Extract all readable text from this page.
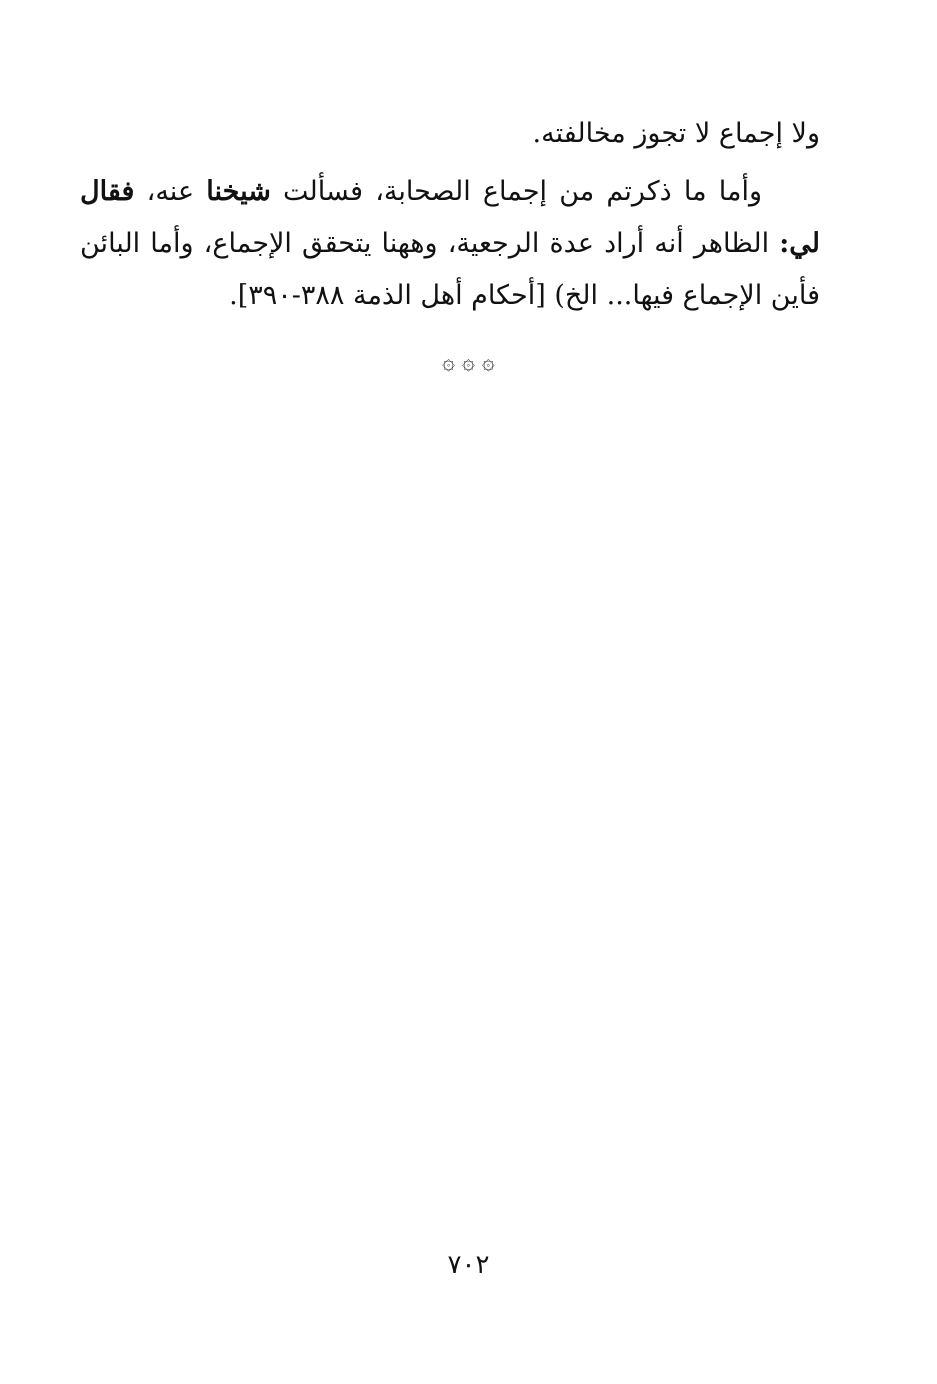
ولا إجماع لا تجوز مخالفته.

وأما ما ذكرتم من إجماع الصحابة، فسألت شيخنا عنه، فقال لي: الظاهر أنه أراد عدة الرجعية، وههنا يتحقق الإجماع، وأما البائن فأين الإجماع فيها... الخ) [أحكام أهل الذمة ٣٨٨-٣٩٠].

۞ ۞ ۞
٧٠٢
